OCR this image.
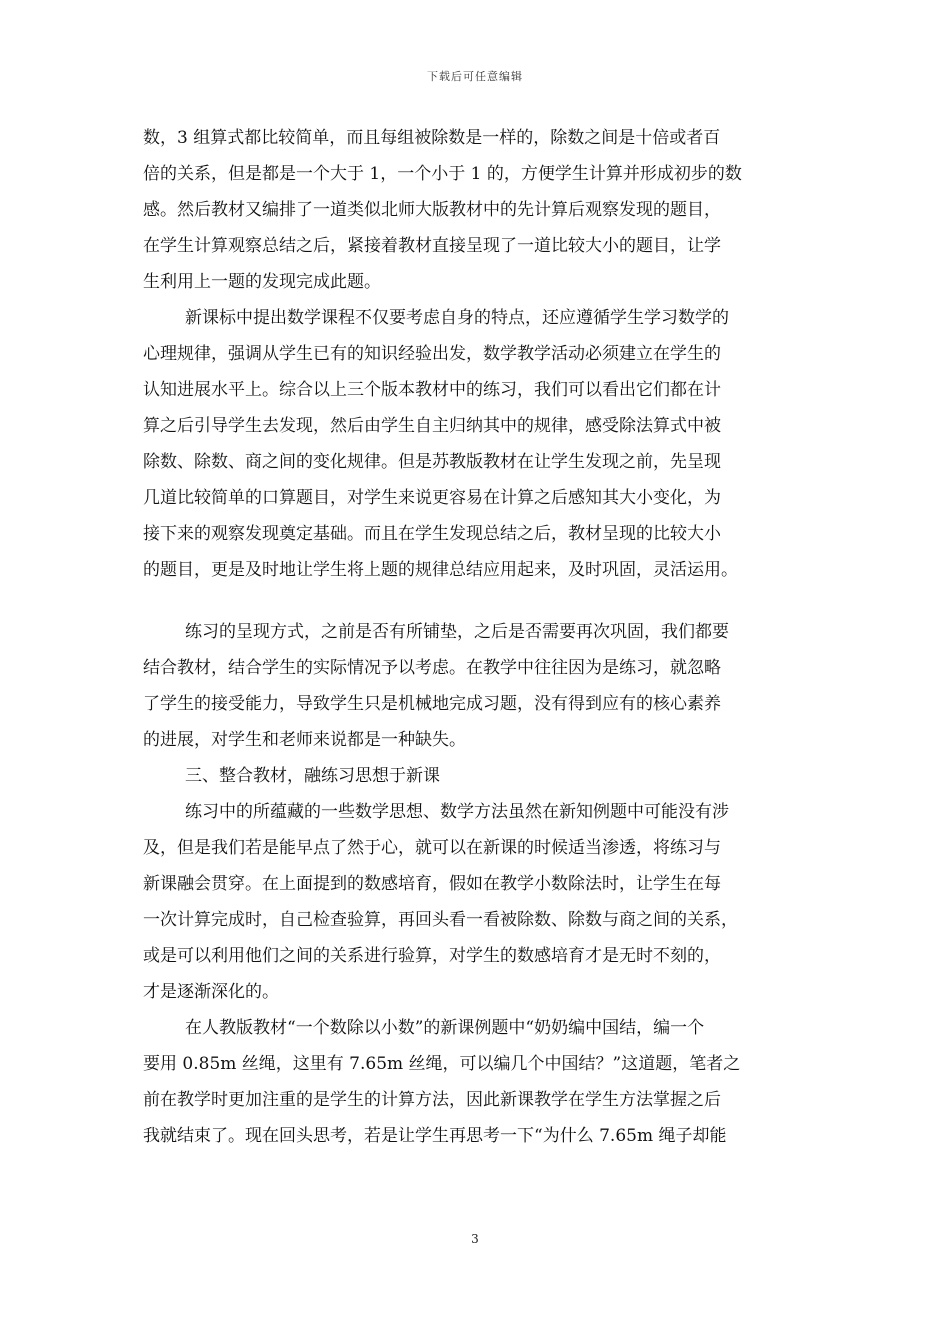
下载后可任意编辑
数，3 组算式都比较简单，而且每组被除数是一样的，除数之间是十倍或者百
倍的关系，但是都是一个大于 1，一个小于 1 的，方便学生计算并形成初步的数
感。然后教材又编排了一道类似北师大版教材中的先计算后观察发现的题目，
在学生计算观察总结之后，紧接着教材直接呈现了一道比较大小的题目，让学
生利用上一题的发现完成此题。
新课标中提出数学课程不仅要考虑自身的特点，还应遵循学生学习数学的
心理规律，强调从学生已有的知识经验出发，数学教学活动必须建立在学生的
认知进展水平上。综合以上三个版本教材中的练习，我们可以看出它们都在计
算之后引导学生去发现，然后由学生自主归纳其中的规律，感受除法算式中被
除数、除数、商之间的变化规律。但是苏教版教材在让学生发现之前，先呈现
几道比较简单的口算题目，对学生来说更容易在计算之后感知其大小变化，为
接下来的观察发现奠定基础。而且在学生发现总结之后，教材呈现的比较大小
的题目，更是及时地让学生将上题的规律总结应用起来，及时巩固，灵活运用。
练习的呈现方式，之前是否有所铺垫，之后是否需要再次巩固，我们都要
结合教材，结合学生的实际情况予以考虑。在教学中往往因为是练习，就忽略
了学生的接受能力，导致学生只是机械地完成习题，没有得到应有的核心素养
的进展，对学生和老师来说都是一种缺失。
三、整合教材，融练习思想于新课
练习中的所蕴藏的一些数学思想、数学方法虽然在新知例题中可能没有涉
及，但是我们若是能早点了然于心，就可以在新课的时候适当渗透，将练习与
新课融会贯穿。在上面提到的数感培育，假如在教学小数除法时，让学生在每
一次计算完成时，自己检查验算，再回头看一看被除数、除数与商之间的关系，
或是可以利用他们之间的关系进行验算，对学生的数感培育才是无时不刻的，
才是逐渐深化的。
在人教版教材“一个数除以小数”的新课例题中“奶奶编中国结，编一个
要用 0.85m 丝绳，这里有 7.65m 丝绳，可以编几个中国结？”这道题，笔者之
前在教学时更加注重的是学生的计算方法，因此新课教学在学生方法掌握之后
我就结束了。现在回头思考，若是让学生再思考一下“为什么 7.65m 绳子却能
3
